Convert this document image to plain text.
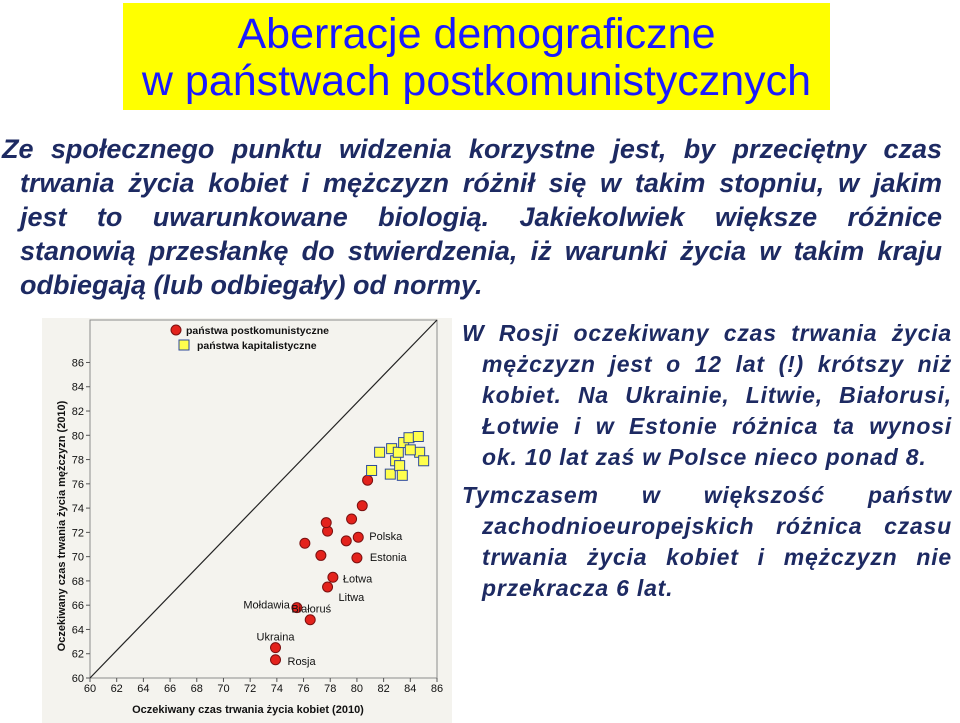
Aberracje demograficzne
w państwach postkomunistycznych
Ze społecznego punktu widzenia korzystne jest, by przeciętny czas
trwania życia kobiet i mężczyzn różnił się w takim stopniu, w jakim
jest to uwarunkowane biologią. Jakiekolwiek większe różnice
stanowią przesłankę do stwierdzenia, iż warunki życia w takim kraju
odbiegają (lub odbiegały) od normy.
W Rosji oczekiwany czas trwania życia
mężczyzn jest o 12 lat (!) krótszy niż
kobiet. Na Ukrainie, Litwie, Białorusi,
Łotwie i w Estonie różnica ta wynosi
ok. 10 lat zaś w Polsce nieco ponad 8.
Tymczasem w większość państw
zachodnioeuropejskich różnica czasu
trwania życia kobiet i mężczyzn nie
przekracza 6 lat.
60 62 64 66 68 70 72 74 76 78 80 82 84 86
60
62
64
66
68
70
72
74
76
78
80
82
84
86
Rosja
Ukraina
Mołdawia Białoruś
Litwa
Łotwa
Estonia
Polska
państwa postkomunistyczne
państwa kapitalistyczne
Oczekiwany czas trwania życia kobiet (2010)
Oczekiwany czas trwania życia mężczyzn (2010)
